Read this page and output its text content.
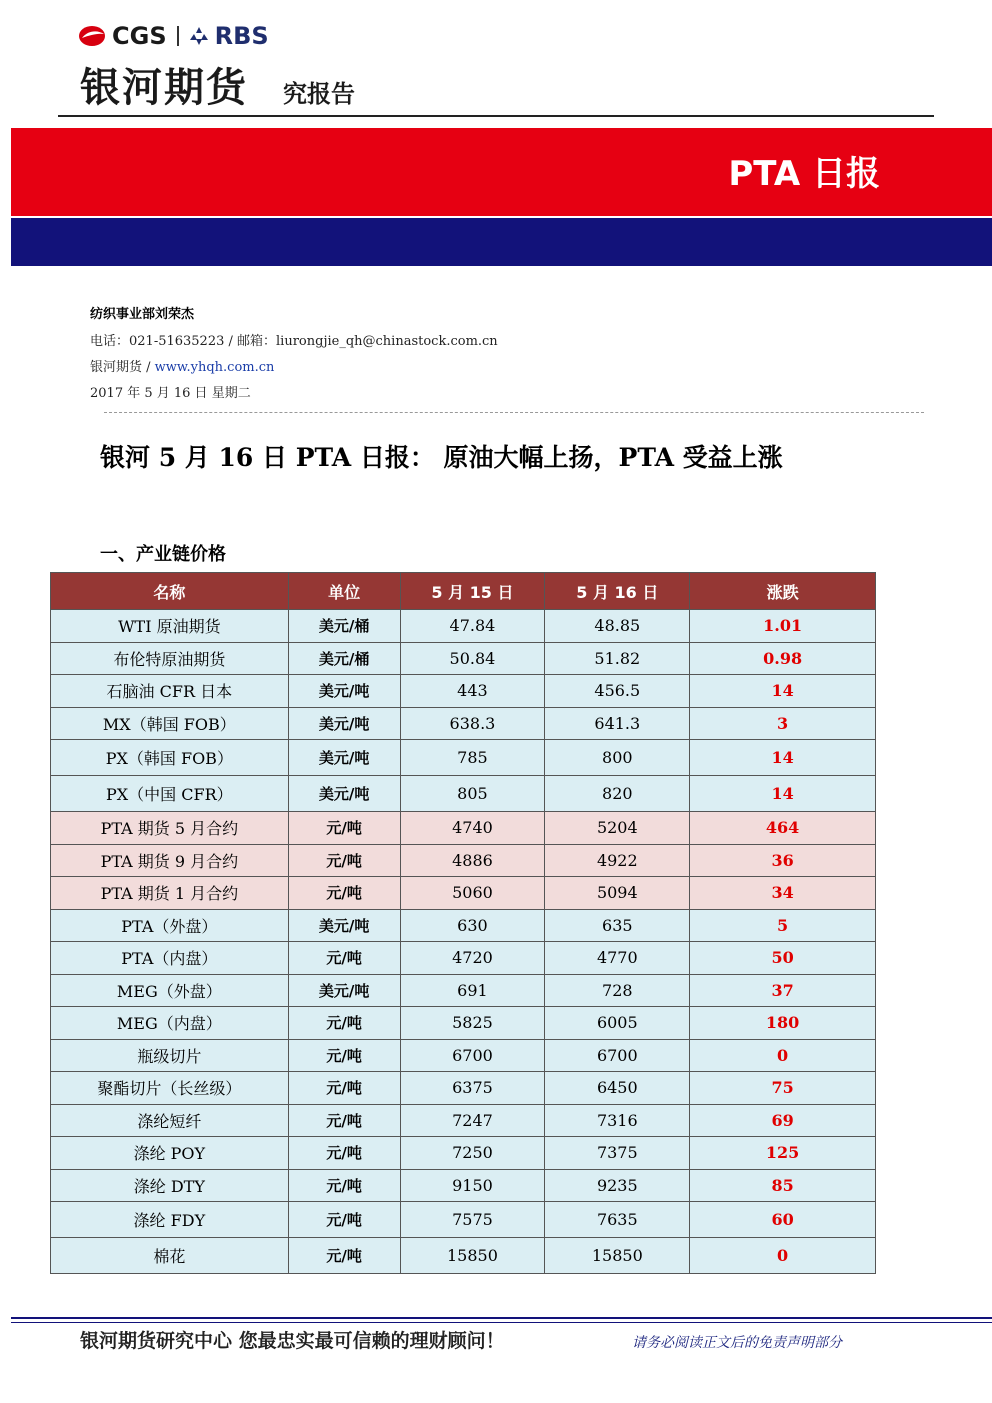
CGS RBS
银河期货 究报告
PTA 日报
纺织事业部刘荣杰
电话：021-51635223 / 邮箱：liurongjie_qh@chinastock.com.cn
银河期货 / www.yhqh.com.cn
2017 年 5 月 16 日 星期二
银河 5 月 16 日 PTA 日报： 原油大幅上扬，PTA 受益上涨
一、产业链价格
名称	单位	5 月 15 日	5 月 16 日	涨跌
WTI 原油期货	美元/桶	47.84	48.85	1.01
布伦特原油期货	美元/桶	50.84	51.82	0.98
石脑油 CFR 日本	美元/吨	443	456.5	14
MX（韩国 FOB）	美元/吨	638.3	641.3	3
PX（韩国 FOB）	美元/吨	785	800	14
PX（中国 CFR）	美元/吨	805	820	14
PTA 期货 5 月合约	元/吨	4740	5204	464
PTA 期货 9 月合约	元/吨	4886	4922	36
PTA 期货 1 月合约	元/吨	5060	5094	34
PTA（外盘）	美元/吨	630	635	5
PTA（内盘）	元/吨	4720	4770	50
MEG（外盘）	美元/吨	691	728	37
MEG（内盘）	元/吨	5825	6005	180
瓶级切片	元/吨	6700	6700	0
聚酯切片（长丝级）	元/吨	6375	6450	75
涤纶短纤	元/吨	7247	7316	69
涤纶 POY	元/吨	7250	7375	125
涤纶 DTY	元/吨	9150	9235	85
涤纶 FDY	元/吨	7575	7635	60
棉花	元/吨	15850	15850	0
银河期货研究中心 您最忠实最可信赖的理财顾问！	请务必阅读正文后的免责声明部分
